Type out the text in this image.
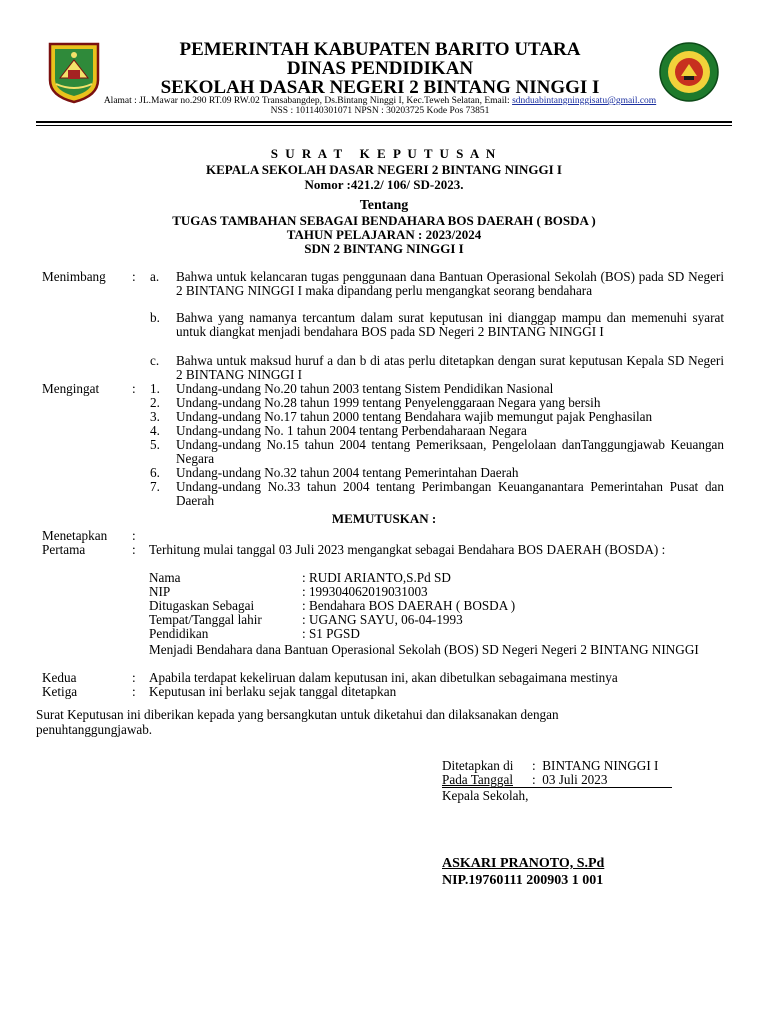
PEMERINTAH KABUPATEN BARITO UTARA
DINAS PENDIDIKAN
SEKOLAH DASAR NEGERI 2 BINTANG NINGGI I
Alamat : JL.Mawar no.290 RT.09 RW.02 Transabangdep, Ds.Bintang Ninggi I, Kec.Teweh Selatan, Email: sdnduabintangninggisatu@gmail.com
NSS : 101140301071 NPSN : 30203725 Kode Pos 73851
S U R A T   K E P U T U S A N
KEPALA SEKOLAH DASAR NEGERI 2 BINTANG NINGGI I
Nomor :421.2/ 106/ SD-2023.
Tentang
TUGAS TAMBAHAN SEBAGAI BENDAHARA BOS DAERAH ( BOSDA )
TAHUN PELAJARAN : 2023/2024
SDN 2 BINTANG NINGGI I
Menimbang : a. Bahwa untuk kelancaran tugas penggunaan dana Bantuan Operasional Sekolah (BOS) pada SD Negeri 2 BINTANG NINGGI I maka dipandang perlu mengangkat seorang bendahara
b. Bahwa yang namanya tercantum dalam surat keputusan ini dianggap mampu dan memenuhi syarat untuk diangkat menjadi bendahara BOS pada SD Negeri 2 BINTANG NINGGI I
c. Bahwa untuk maksud huruf a dan b di atas perlu ditetapkan dengan surat keputusan Kepala SD Negeri 2 BINTANG NINGGI I
Mengingat : 1. Undang-undang No.20 tahun 2003 tentang Sistem Pendidikan Nasional
2. Undang-undang No.28 tahun 1999 tentang Penyelenggaraan Negara yang bersih
3. Undang-undang No.17 tahun 2000 tentang Bendahara wajib memungut pajak Penghasilan
4. Undang-undang No. 1 tahun 2004 tentang Perbendaharaan Negara
5. Undang-undang No.15 tahun 2004 tentang Pemeriksaan, Pengelolaan danTanggungjawab Keuangan Negara
6. Undang-undang No.32 tahun 2004 tentang Pemerintahan Daerah
7. Undang-undang No.33 tahun 2004 tentang Perimbangan Keuanganantara Pemerintahan Pusat dan Daerah
MEMUTUSKAN :
Menetapkan :
Pertama	: Terhitung mulai tanggal 03 Juli 2023 mengangkat sebagai Bendahara BOS DAERAH (BOSDA) :
Nama	: RUDI ARIANTO,S.Pd SD
NIP	: 199304062019031003
Ditugaskan Sebagai	: Bendahara BOS DAERAH ( BOSDA )
Tempat/Tanggal lahir	: UGANG SAYU, 06-04-1993
Pendidikan	: S1 PGSD
Menjadi Bendahara dana Bantuan Operasional Sekolah (BOS) SD Negeri Negeri 2 BINTANG NINGGI
Kedua	: Apabila terdapat kekeliruan dalam keputusan ini, akan dibetulkan sebagaimana mestinya
Ketiga	: Keputusan ini berlaku sejak tanggal ditetapkan
Surat Keputusan ini diberikan kepada yang bersangkutan untuk diketahui dan dilaksanakan dengan penuhtanggungjawab.
Ditetapkan di :  BINTANG NINGGI I
Pada Tanggal :  03 Juli 2023
Kepala Sekolah,
ASKARI PRANOTO, S.Pd
NIP.19760111 200903 1 001
